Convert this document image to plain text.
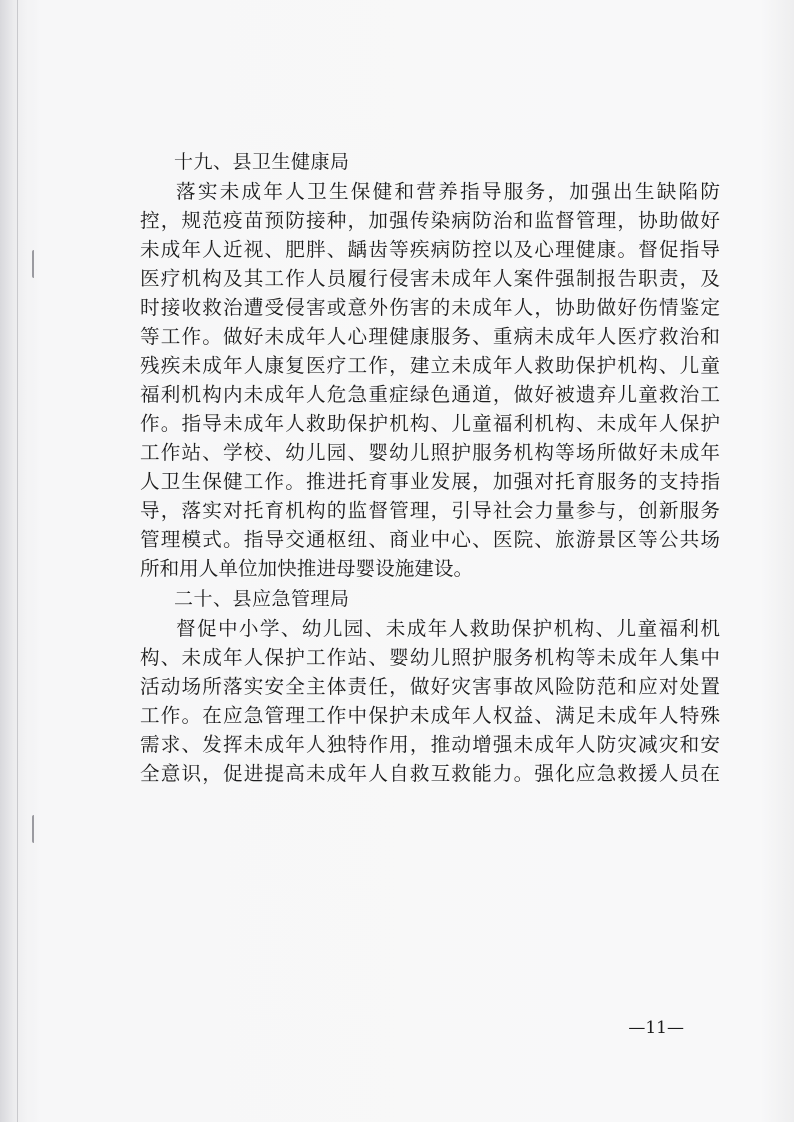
十九、县卫生健康局
落实未成年人卫生保健和营养指导服务，加强出生缺陷防
控，规范疫苗预防接种，加强传染病防治和监督管理，协助做好
未成年人近视、肥胖、龋齿等疾病防控以及心理健康。督促指导
医疗机构及其工作人员履行侵害未成年人案件强制报告职责，及
时接收救治遭受侵害或意外伤害的未成年人，协助做好伤情鉴定
等工作。做好未成年人心理健康服务、重病未成年人医疗救治和
残疾未成年人康复医疗工作，建立未成年人救助保护机构、儿童
福利机构内未成年人危急重症绿色通道，做好被遗弃儿童救治工
作。指导未成年人救助保护机构、儿童福利机构、未成年人保护
工作站、学校、幼儿园、婴幼儿照护服务机构等场所做好未成年
人卫生保健工作。推进托育事业发展，加强对托育服务的支持指
导，落实对托育机构的监督管理，引导社会力量参与，创新服务
管理模式。指导交通枢纽、商业中心、医院、旅游景区等公共场
所和用人单位加快推进母婴设施建设。
二十、县应急管理局
督促中小学、幼儿园、未成年人救助保护机构、儿童福利机
构、未成年人保护工作站、婴幼儿照护服务机构等未成年人集中
活动场所落实安全主体责任，做好灾害事故风险防范和应对处置
工作。在应急管理工作中保护未成年人权益、满足未成年人特殊
需求、发挥未成年人独特作用，推动增强未成年人防灾减灾和安
全意识，促进提高未成年人自救互救能力。强化应急救援人员在
—11—
